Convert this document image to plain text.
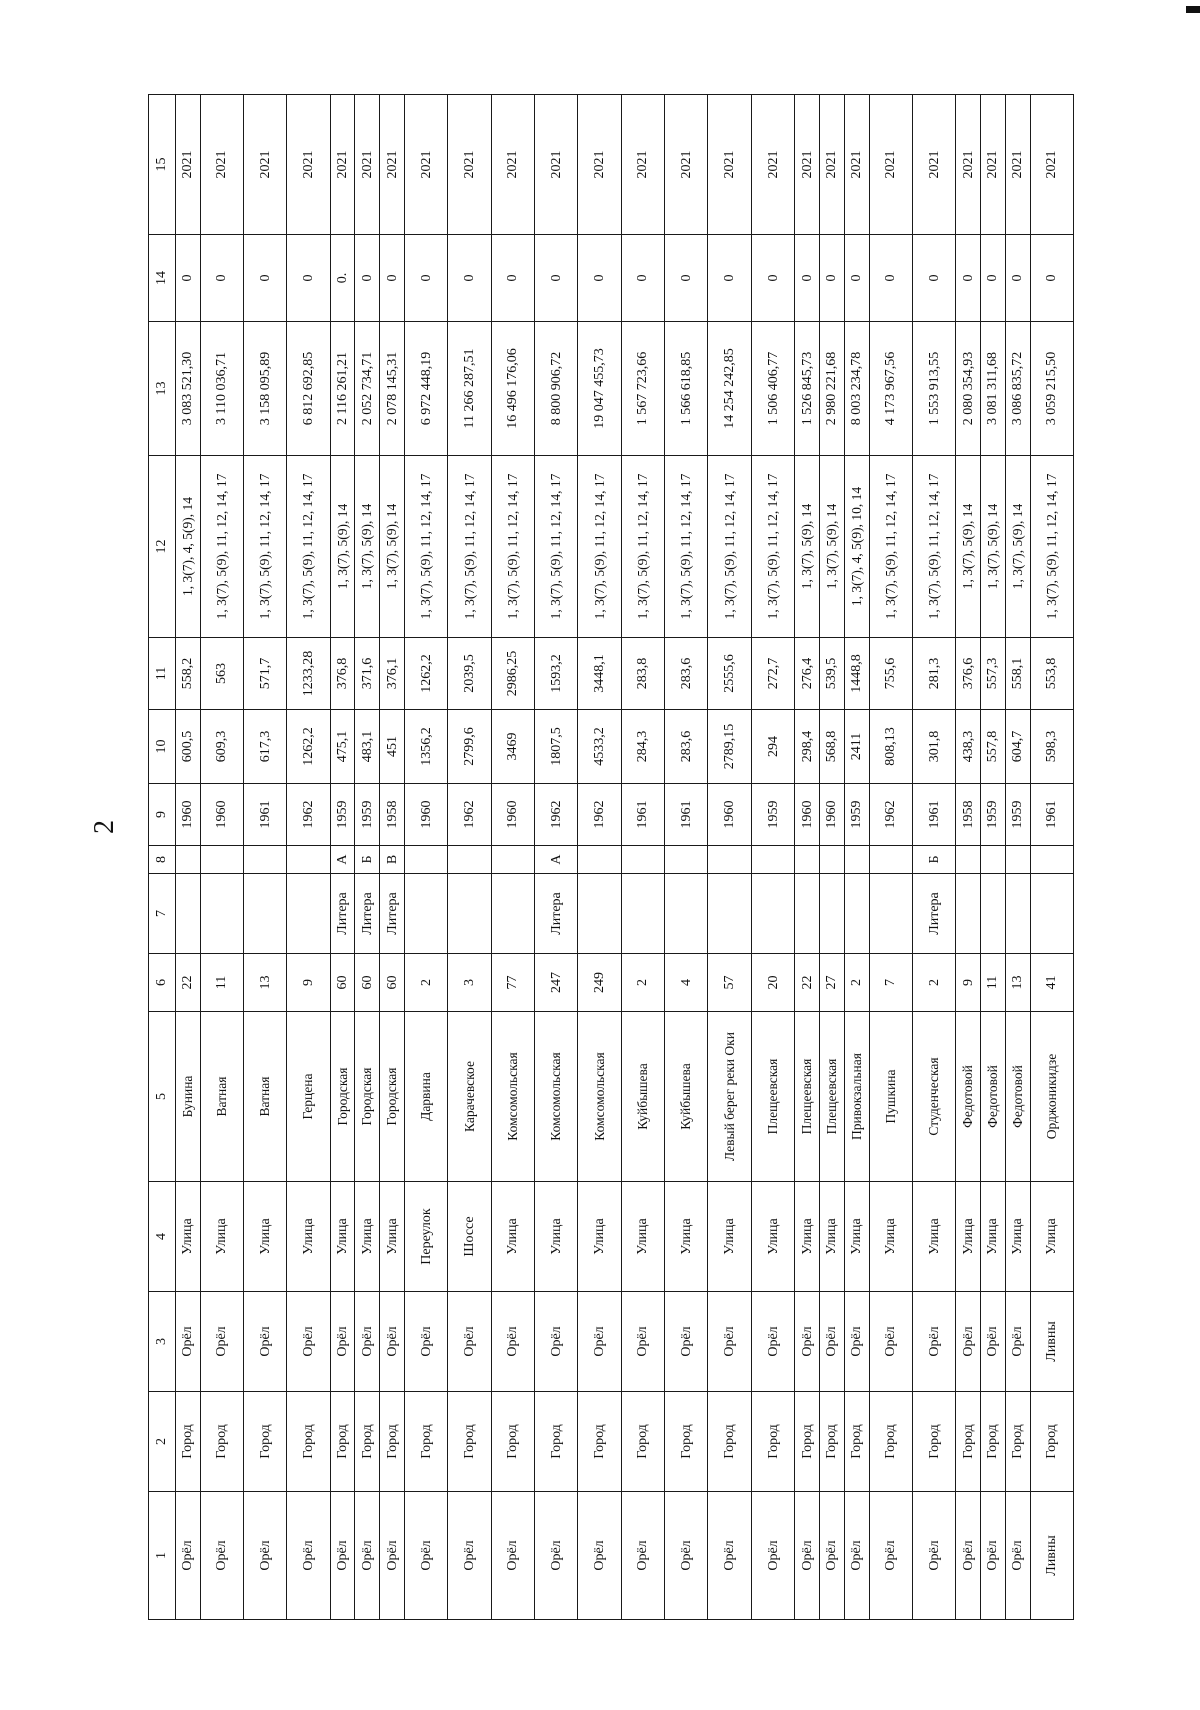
2
1	2	3	4	5	6	7	8	9	10	11	12	13	14	15
Орёл	Город	Орёл	Улица	Бунина	22			1960	600,5	558,2	1, 3(7), 4, 5(9), 14	3 083 521,30	0	2021
Орёл	Город	Орёл	Улица	Ватная	11			1960	609,3	563	1, 3(7), 5(9), 11, 12, 14, 17	3 110 036,71	0	2021
Орёл	Город	Орёл	Улица	Ватная	13			1961	617,3	571,7	1, 3(7), 5(9), 11, 12, 14, 17	3 158 095,89	0	2021
Орёл	Город	Орёл	Улица	Герцена	9			1962	1262,2	1233,28	1, 3(7), 5(9), 11, 12, 14, 17	6 812 692,85	0	2021
Орёл	Город	Орёл	Улица	Городская	60	Литера	А	1959	475,1	376,8	1, 3(7), 5(9), 14	2 116 261,21	0.	2021
Орёл	Город	Орёл	Улица	Городская	60	Литера	Б	1959	483,1	371,6	1, 3(7), 5(9), 14	2 052 734,71	0	2021
Орёл	Город	Орёл	Улица	Городская	60	Литера	В	1958	451	376,1	1, 3(7), 5(9), 14	2 078 145,31	0	2021
Орёл	Город	Орёл	Переулок	Дарвина	2			1960	1356,2	1262,2	1, 3(7), 5(9), 11, 12, 14, 17	6 972 448,19	0	2021
Орёл	Город	Орёл	Шоссе	Карачевское	3			1962	2799,6	2039,5	1, 3(7), 5(9), 11, 12, 14, 17	11 266 287,51	0	2021
Орёл	Город	Орёл	Улица	Комсомольская	77			1960	3469	2986,25	1, 3(7), 5(9), 11, 12, 14, 17	16 496 176,06	0	2021
Орёл	Город	Орёл	Улица	Комсомольская	247	Литера	А	1962	1807,5	1593,2	1, 3(7), 5(9), 11, 12, 14, 17	8 800 906,72	0	2021
Орёл	Город	Орёл	Улица	Комсомольская	249			1962	4533,2	3448,1	1, 3(7), 5(9), 11, 12, 14, 17	19 047 455,73	0	2021
Орёл	Город	Орёл	Улица	Куйбышева	2			1961	284,3	283,8	1, 3(7), 5(9), 11, 12, 14, 17	1 567 723,66	0	2021
Орёл	Город	Орёл	Улица	Куйбышева	4			1961	283,6	283,6	1, 3(7), 5(9), 11, 12, 14, 17	1 566 618,85	0	2021
Орёл	Город	Орёл	Улица	Левый берег реки Оки	57			1960	2789,15	2555,6	1, 3(7), 5(9), 11, 12, 14, 17	14 254 242,85	0	2021
Орёл	Город	Орёл	Улица	Плещеевская	20			1959	294	272,7	1, 3(7), 5(9), 11, 12, 14, 17	1 506 406,77	0	2021
Орёл	Город	Орёл	Улица	Плещеевская	22			1960	298,4	276,4	1, 3(7), 5(9), 14	1 526 845,73	0	2021
Орёл	Город	Орёл	Улица	Плещеевская	27			1960	568,8	539,5	1, 3(7), 5(9), 14	2 980 221,68	0	2021
Орёл	Город	Орёл	Улица	Привокзальная	2			1959	2411	1448,8	1, 3(7), 4, 5(9), 10, 14	8 003 234,78	0	2021
Орёл	Город	Орёл	Улица	Пушкина	7			1962	808,13	755,6	1, 3(7), 5(9), 11, 12, 14, 17	4 173 967,56	0	2021
Орёл	Город	Орёл	Улица	Студенческая	2	Литера	Б	1961	301,8	281,3	1, 3(7), 5(9), 11, 12, 14, 17	1 553 913,55	0	2021
Орёл	Город	Орёл	Улица	Федотовой	9			1958	438,3	376,6	1, 3(7), 5(9), 14	2 080 354,93	0	2021
Орёл	Город	Орёл	Улица	Федотовой	11			1959	557,8	557,3	1, 3(7), 5(9), 14	3 081 311,68	0	2021
Орёл	Город	Орёл	Улица	Федотовой	13			1959	604,7	558,1	1, 3(7), 5(9), 14	3 086 835,72	0	2021
Ливны	Город	Ливны	Улица	Орджоникидзе	41			1961	598,3	553,8	1, 3(7), 5(9), 11, 12, 14, 17	3 059 215,50	0	2021
